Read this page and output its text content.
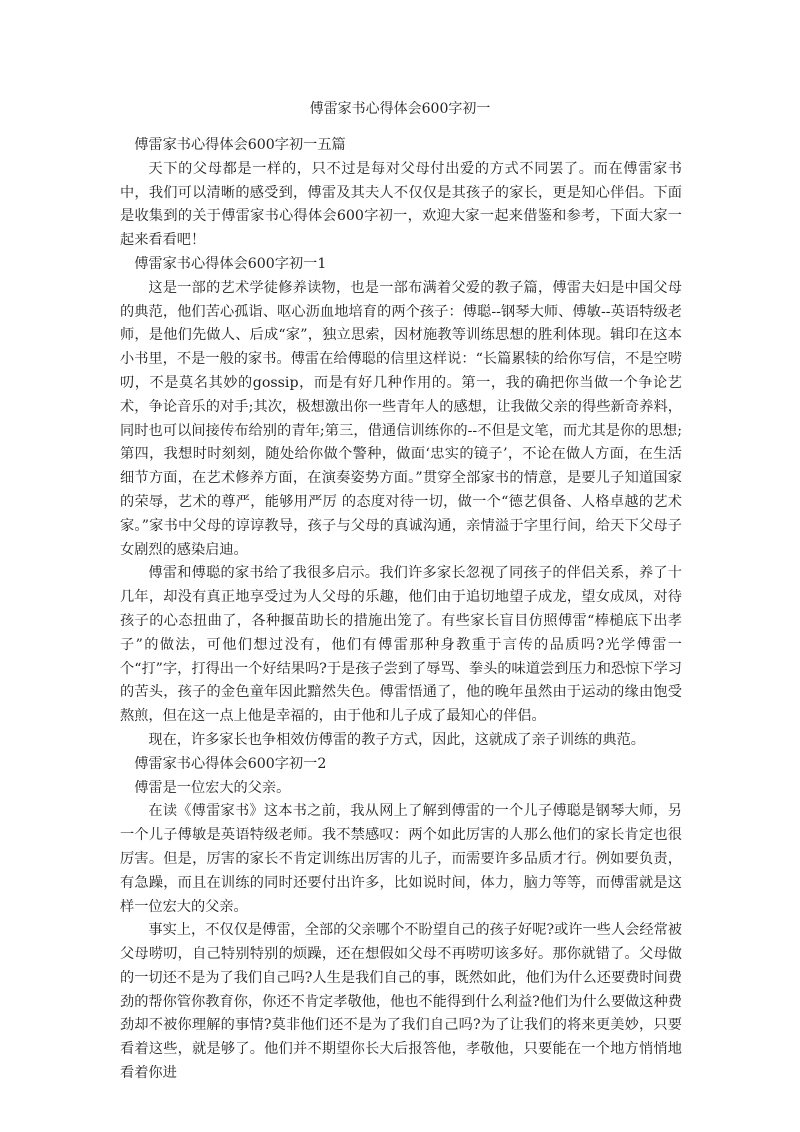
傅雷家书心得体会600字初一

傅雷家书心得体会600字初一五篇

天下的父母都是一样的，只不过是每对父母付出爱的方式不同罢了。而在傅雷家书中，我们可以清晰的感受到，傅雷及其夫人不仅仅是其孩子的家长，更是知心伴侣。下面是收集到的关于傅雷家书心得体会600字初一，欢迎大家一起来借鉴和参考，下面大家一起来看看吧！

傅雷家书心得体会600字初一1

这是一部的艺术学徒修养读物，也是一部布满着父爱的教子篇，傅雷夫妇是中国父母的典范，他们苦心孤诣、呕心沥血地培育的两个孩子：傅聪--钢琴大师、傅敏--英语特级老师，是他们先做人、后成“家”，独立思索，因材施教等训练思想的胜利体现。辑印在这本小书里，不是一般的家书。傅雷在给傅聪的信里这样说：“长篇累犊的给你写信，不是空唠叨，不是莫名其妙的gossip，而是有好几种作用的。第一，我的确把你当做一个争论艺术，争论音乐的对手;其次，极想激出你一些青年人的感想，让我做父亲的得些新奇养料，同时也可以间接传布给别的青年;第三，借通信训练你的--不但是文笔，而尤其是你的思想;第四，我想时时刻刻，随处给你做个警种，做面‘忠实的镜子’，不论在做人方面，在生活细节方面，在艺术修养方面，在演奏姿势方面。”贯穿全部家书的情意，是要儿子知道国家的荣辱，艺术的尊严，能够用严厉 的态度对待一切，做一个“德艺俱备、人格卓越的艺术家。”家书中父母的谆谆教导，孩子与父母的真诚沟通，亲情溢于字里行间，给天下父母子女剧烈的感染启迪。

傅雷和傅聪的家书给了我很多启示。我们许多家长忽视了同孩子的伴侣关系，养了十几年，却没有真正地享受过为人父母的乐趣，他们由于追切地望子成龙，望女成凤，对待孩子的心态扭曲了，各种揠苗助长的措施出笼了。有些家长盲目仿照傅雷“棒槌底下出孝子”的做法，可他们想过没有，他们有傅雷那种身教重于言传的品质吗?光学傅雷一个“打”字，打得出一个好结果吗?于是孩子尝到了辱骂、拳头的味道尝到压力和恐惊下学习的苦头，孩子的金色童年因此黯然失色。傅雷悟通了，他的晚年虽然由于运动的缘由饱受熬煎，但在这一点上他是幸福的，由于他和儿子成了最知心的伴侣。

现在，许多家长也争相效仿傅雷的教子方式，因此，这就成了亲子训练的典范。

傅雷家书心得体会600字初一2

傅雷是一位宏大的父亲。

在读《傅雷家书》这本书之前，我从网上了解到傅雷的一个儿子傅聪是钢琴大师，另一个儿子傅敏是英语特级老师。我不禁感叹：两个如此厉害的人那么他们的家长肯定也很厉害。但是，厉害的家长不肯定训练出厉害的儿子，而需要许多品质才行。例如要负责，有急躁，而且在训练的同时还要付出许多，比如说时间，体力，脑力等等，而傅雷就是这样一位宏大的父亲。

事实上，不仅仅是傅雷，全部的父亲哪个不盼望自己的孩子好呢?或许一些人会经常被父母唠叨，自己特别特别的烦躁，还在想假如父母不再唠叨该多好。那你就错了。父母做的一切还不是为了我们自己吗?人生是我们自己的事，既然如此，他们为什么还要费时间费劲的帮你管你教育你，你还不肯定孝敬他，他也不能得到什么利益?他们为什么要做这种费劲却不被你理解的事情?莫非他们还不是为了我们自己吗?为了让我们的将来更美妙，只要看着这些，就是够了。他们并不期望你长大后报答他，孝敬他，只要能在一个地方悄悄地看着你进
